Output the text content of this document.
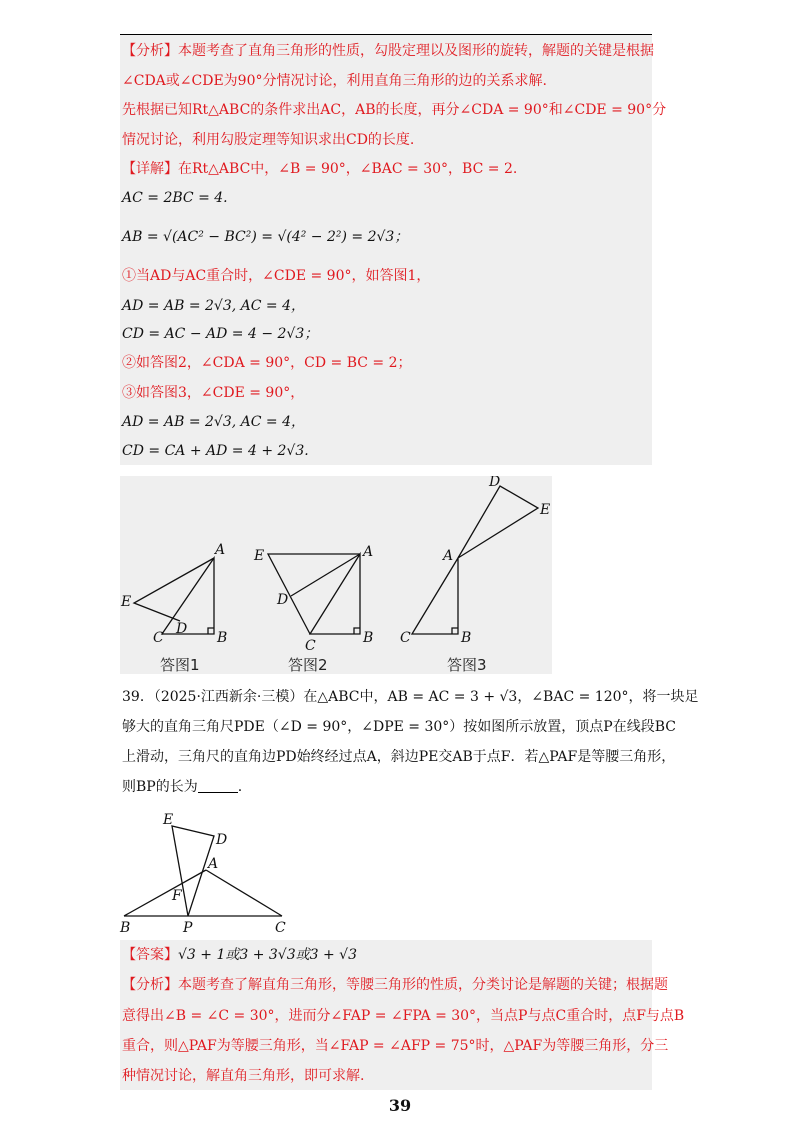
【分析】本题考查了直角三角形的性质，勾股定理以及图形的旋转，解题的关键是根据
∠CDA或∠CDE为90°分情况讨论，利用直角三角形的边的关系求解.
先根据已知Rt△ABC的条件求出AC，AB的长度，再分∠CDA = 90°和∠CDE = 90°分
情况讨论，利用勾股定理等知识求出CD的长度.
【详解】在Rt△ABC中，∠B = 90°，∠BAC = 30°，BC = 2.
AC = 2BC = 4.
AB = √(AC² − BC²) = √(4² − 2²) = 2√3；
①当AD与AC重合时，∠CDE = 90°，如答图1，
AD = AB = 2√3, AC = 4，
CD = AC − AD = 4 − 2√3；
②如答图2，∠CDA = 90°，CD = BC = 2；
③如答图3，∠CDE = 90°，
AD = AB = 2√3, AC = 4，
CD = CA + AD = 4 + 2√3.
A
B
C
D
E
A
B
C
D
E	A
B
C
D
E
答图1	答图2	答图3
39．（2025·江西新余·三模）在△ABC中，AB = AC = 3 + √3，∠BAC = 120°，将一块足
够大的直角三角尺PDE（∠D = 90°，∠DPE = 30°）按如图所示放置，顶点P在线段BC
上滑动，三角尺的直角边PD始终经过点A，斜边PE交AB于点F．若△PAF是等腰三角形，
则BP的长为	.
E
D
A
F
B	P	C
【答案】√3 + 1或3 + 3√3或3 + √3
【分析】本题考查了解直角三角形，等腰三角形的性质，分类讨论是解题的关键；根据题
意得出∠B = ∠C = 30°，进而分∠FAP = ∠FPA = 30°，当点P与点C重合时，点F与点B
重合，则△PAF为等腰三角形，当∠FAP = ∠AFP = 75°时，△PAF为等腰三角形，分三
种情况讨论，解直角三角形，即可求解.
39
